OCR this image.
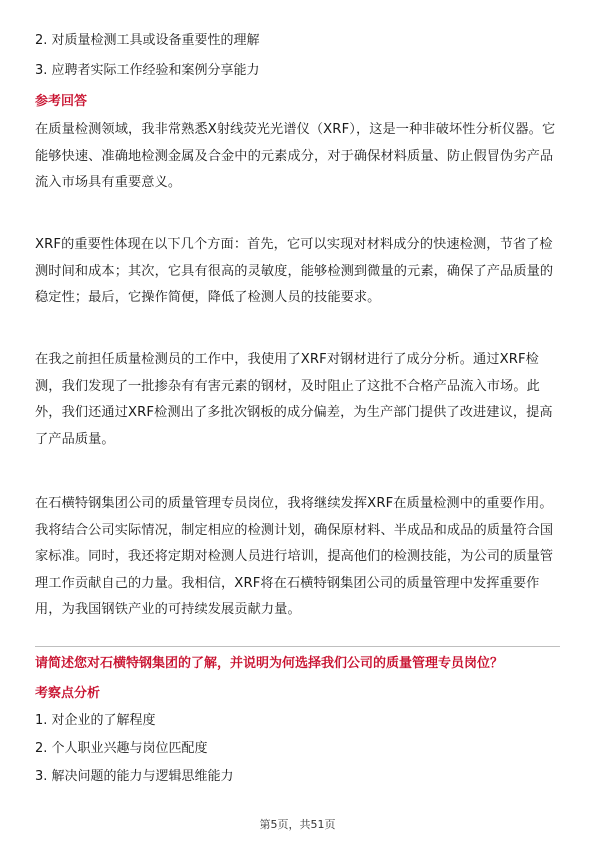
2. 对质量检测工具或设备重要性的理解
3. 应聘者实际工作经验和案例分享能力
参考回答
在质量检测领域，我非常熟悉X射线荧光光谱仪（XRF），这是一种非破坏性分析仪器。它能够快速、准确地检测金属及合金中的元素成分，对于确保材料质量、防止假冒伪劣产品流入市场具有重要意义。
XRF的重要性体现在以下几个方面：首先，它可以实现对材料成分的快速检测，节省了检测时间和成本；其次，它具有很高的灵敏度，能够检测到微量的元素，确保了产品质量的稳定性；最后，它操作简便，降低了检测人员的技能要求。
在我之前担任质量检测员的工作中，我使用了XRF对钢材进行了成分分析。通过XRF检测，我们发现了一批掺杂有有害元素的钢材，及时阻止了这批不合格产品流入市场。此外，我们还通过XRF检测出了多批次钢板的成分偏差，为生产部门提供了改进建议，提高了产品质量。
在石横特钢集团公司的质量管理专员岗位，我将继续发挥XRF在质量检测中的重要作用。我将结合公司实际情况，制定相应的检测计划，确保原材料、半成品和成品的质量符合国家标准。同时，我还将定期对检测人员进行培训，提高他们的检测技能，为公司的质量管理工作贡献自己的力量。我相信，XRF将在石横特钢集团公司的质量管理中发挥重要作用，为我国钢铁产业的可持续发展贡献力量。
请简述您对石横特钢集团的了解，并说明为何选择我们公司的质量管理专员岗位？
考察点分析
1. 对企业的了解程度
2. 个人职业兴趣与岗位匹配度
3. 解决问题的能力与逻辑思维能力
第5页，共51页
